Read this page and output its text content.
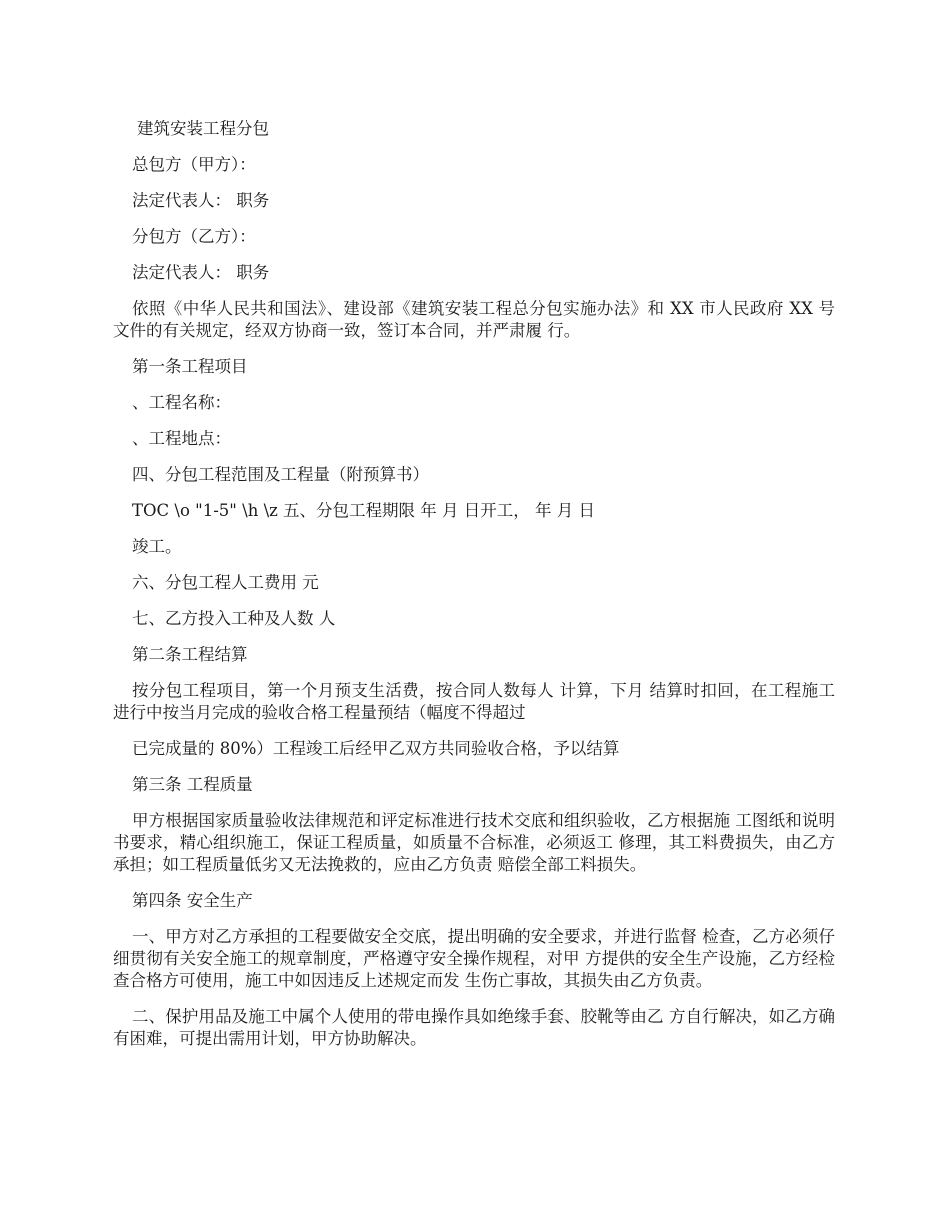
建筑安装工程分包

总包方（甲方）：

法定代表人： 职务

分包方（乙方）：

法定代表人： 职务

依照《中华人民共和国法》、建设部《建筑安装工程总分包实施办法》和 XX 市人民政府 XX 号文件的有关规定，经双方协商一致，签订本合同，并严肃履 行。

第一条工程项目

、工程名称：

、工程地点：

四、分包工程范围及工程量（附预算书）

TOC \o "1-5" \h \z 五、分包工程期限 年 月 日开工， 年 月 日

竣工。

六、分包工程人工费用 元

七、乙方投入工种及人数 人

第二条工程结算

按分包工程项目，第一个月预支生活费，按合同人数每人 计算，下月 结算时扣回，在工程施工进行中按当月完成的验收合格工程量预结（幅度不得超过

已完成量的 80%）工程竣工后经甲乙双方共同验收合格，予以结算

第三条 工程质量

甲方根据国家质量验收法律规范和评定标准进行技术交底和组织验收，乙方根据施 工图纸和说明书要求，精心组织施工，保证工程质量，如质量不合标准，必须返工 修理，其工料费损失，由乙方承担；如工程质量低劣又无法挽救的，应由乙方负责 赔偿全部工料损失。

第四条 安全生产

一、甲方对乙方承担的工程要做安全交底，提出明确的安全要求，并进行监督 检查，乙方必须仔细贯彻有关安全施工的规章制度，严格遵守安全操作规程，对甲 方提供的安全生产设施，乙方经检查合格方可使用，施工中如因违反上述规定而发 生伤亡事故，其损失由乙方负责。

二、保护用品及施工中属个人使用的带电操作具如绝缘手套、胶靴等由乙 方自行解决，如乙方确有困难，可提出需用计划，甲方协助解决。
